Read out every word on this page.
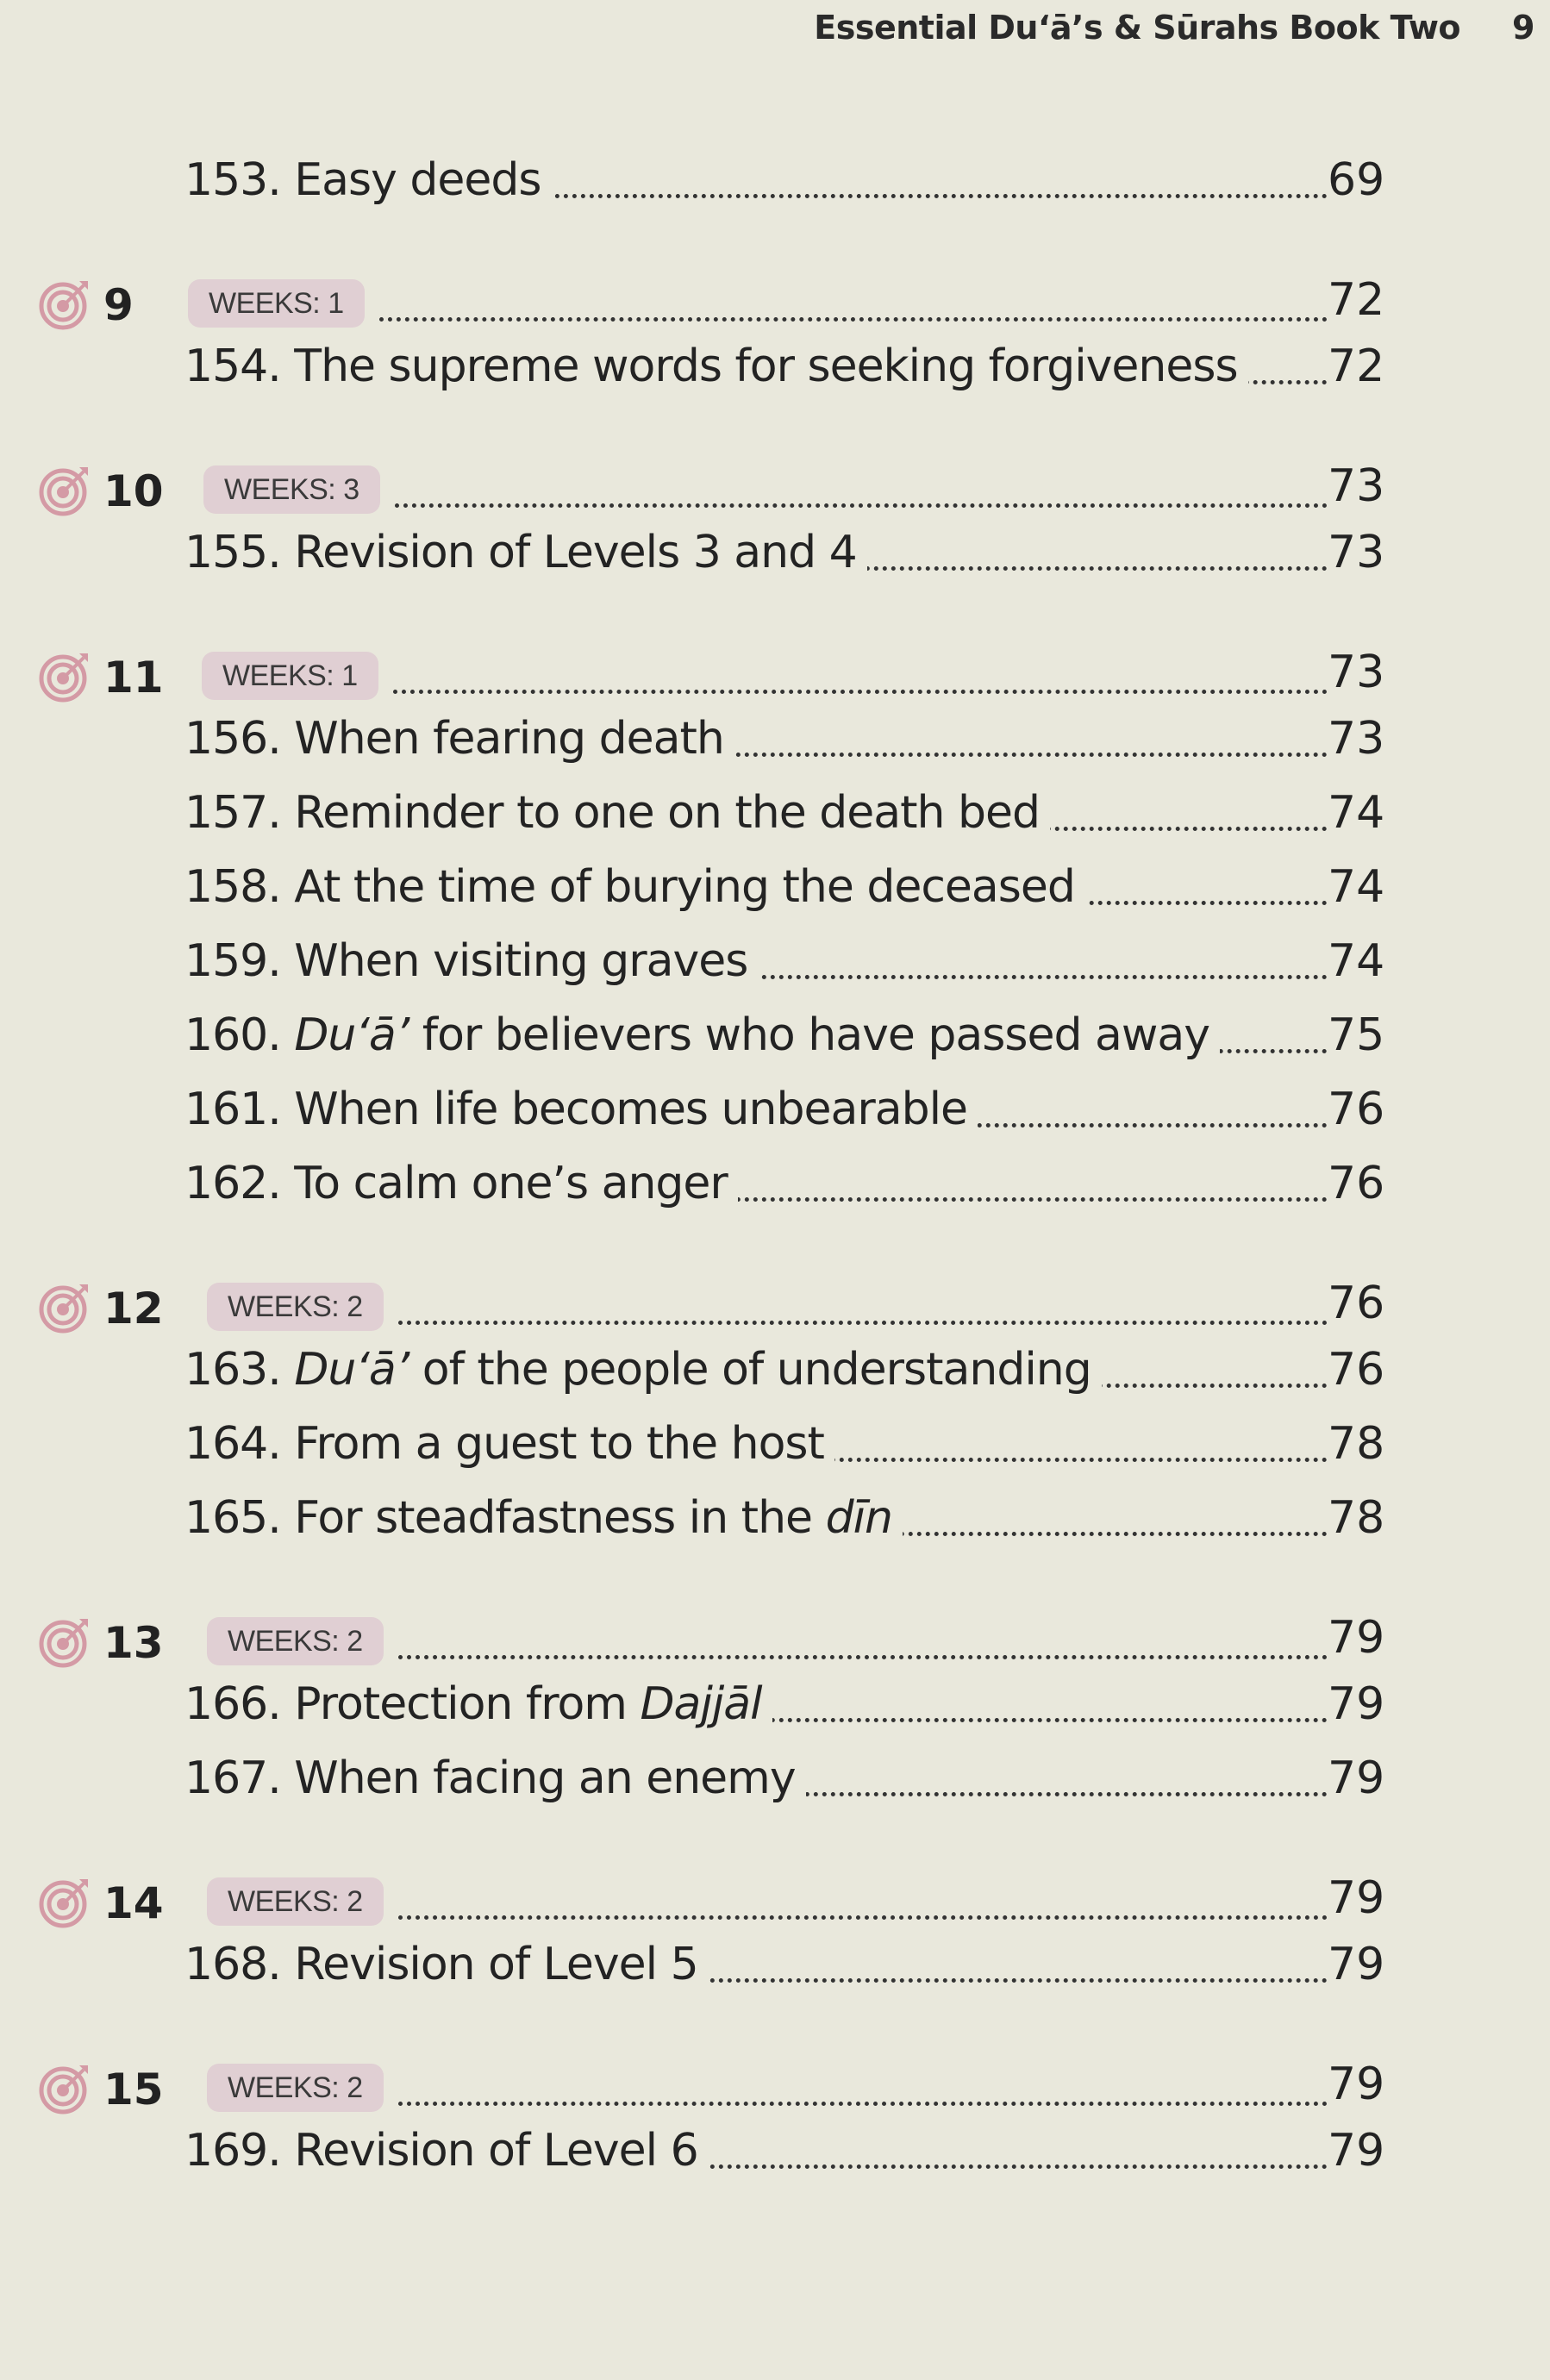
Essential Du‘ā’s & Sūrahs Book Two 9
153. Easy deeds	69
9	WEEKS: 1	72
154. The supreme words for seeking forgiveness 72
10	WEEKS: 3	73
155. Revision of Levels 3 and 4	73
11	WEEKS: 1	73
156. When fearing death	73
157. Reminder to one on the death bed	74
158. At the time of burying the deceased	74
159. When visiting graves	74
160. Du‘ā’ for believers who have passed away	75
161. When life becomes unbearable	76
162. To calm one’s anger	76
12	WEEKS: 2	76
163. Du‘ā’ of the people of understanding	76
164. From a guest to the host	78
165. For steadfastness in the dīn	78
13	WEEKS: 2	79
166. Protection from Dajjāl	79
167. When facing an enemy	79
14	WEEKS: 2	79
168. Revision of Level 5	79
15	WEEKS: 2	79
169. Revision of Level 6	79
